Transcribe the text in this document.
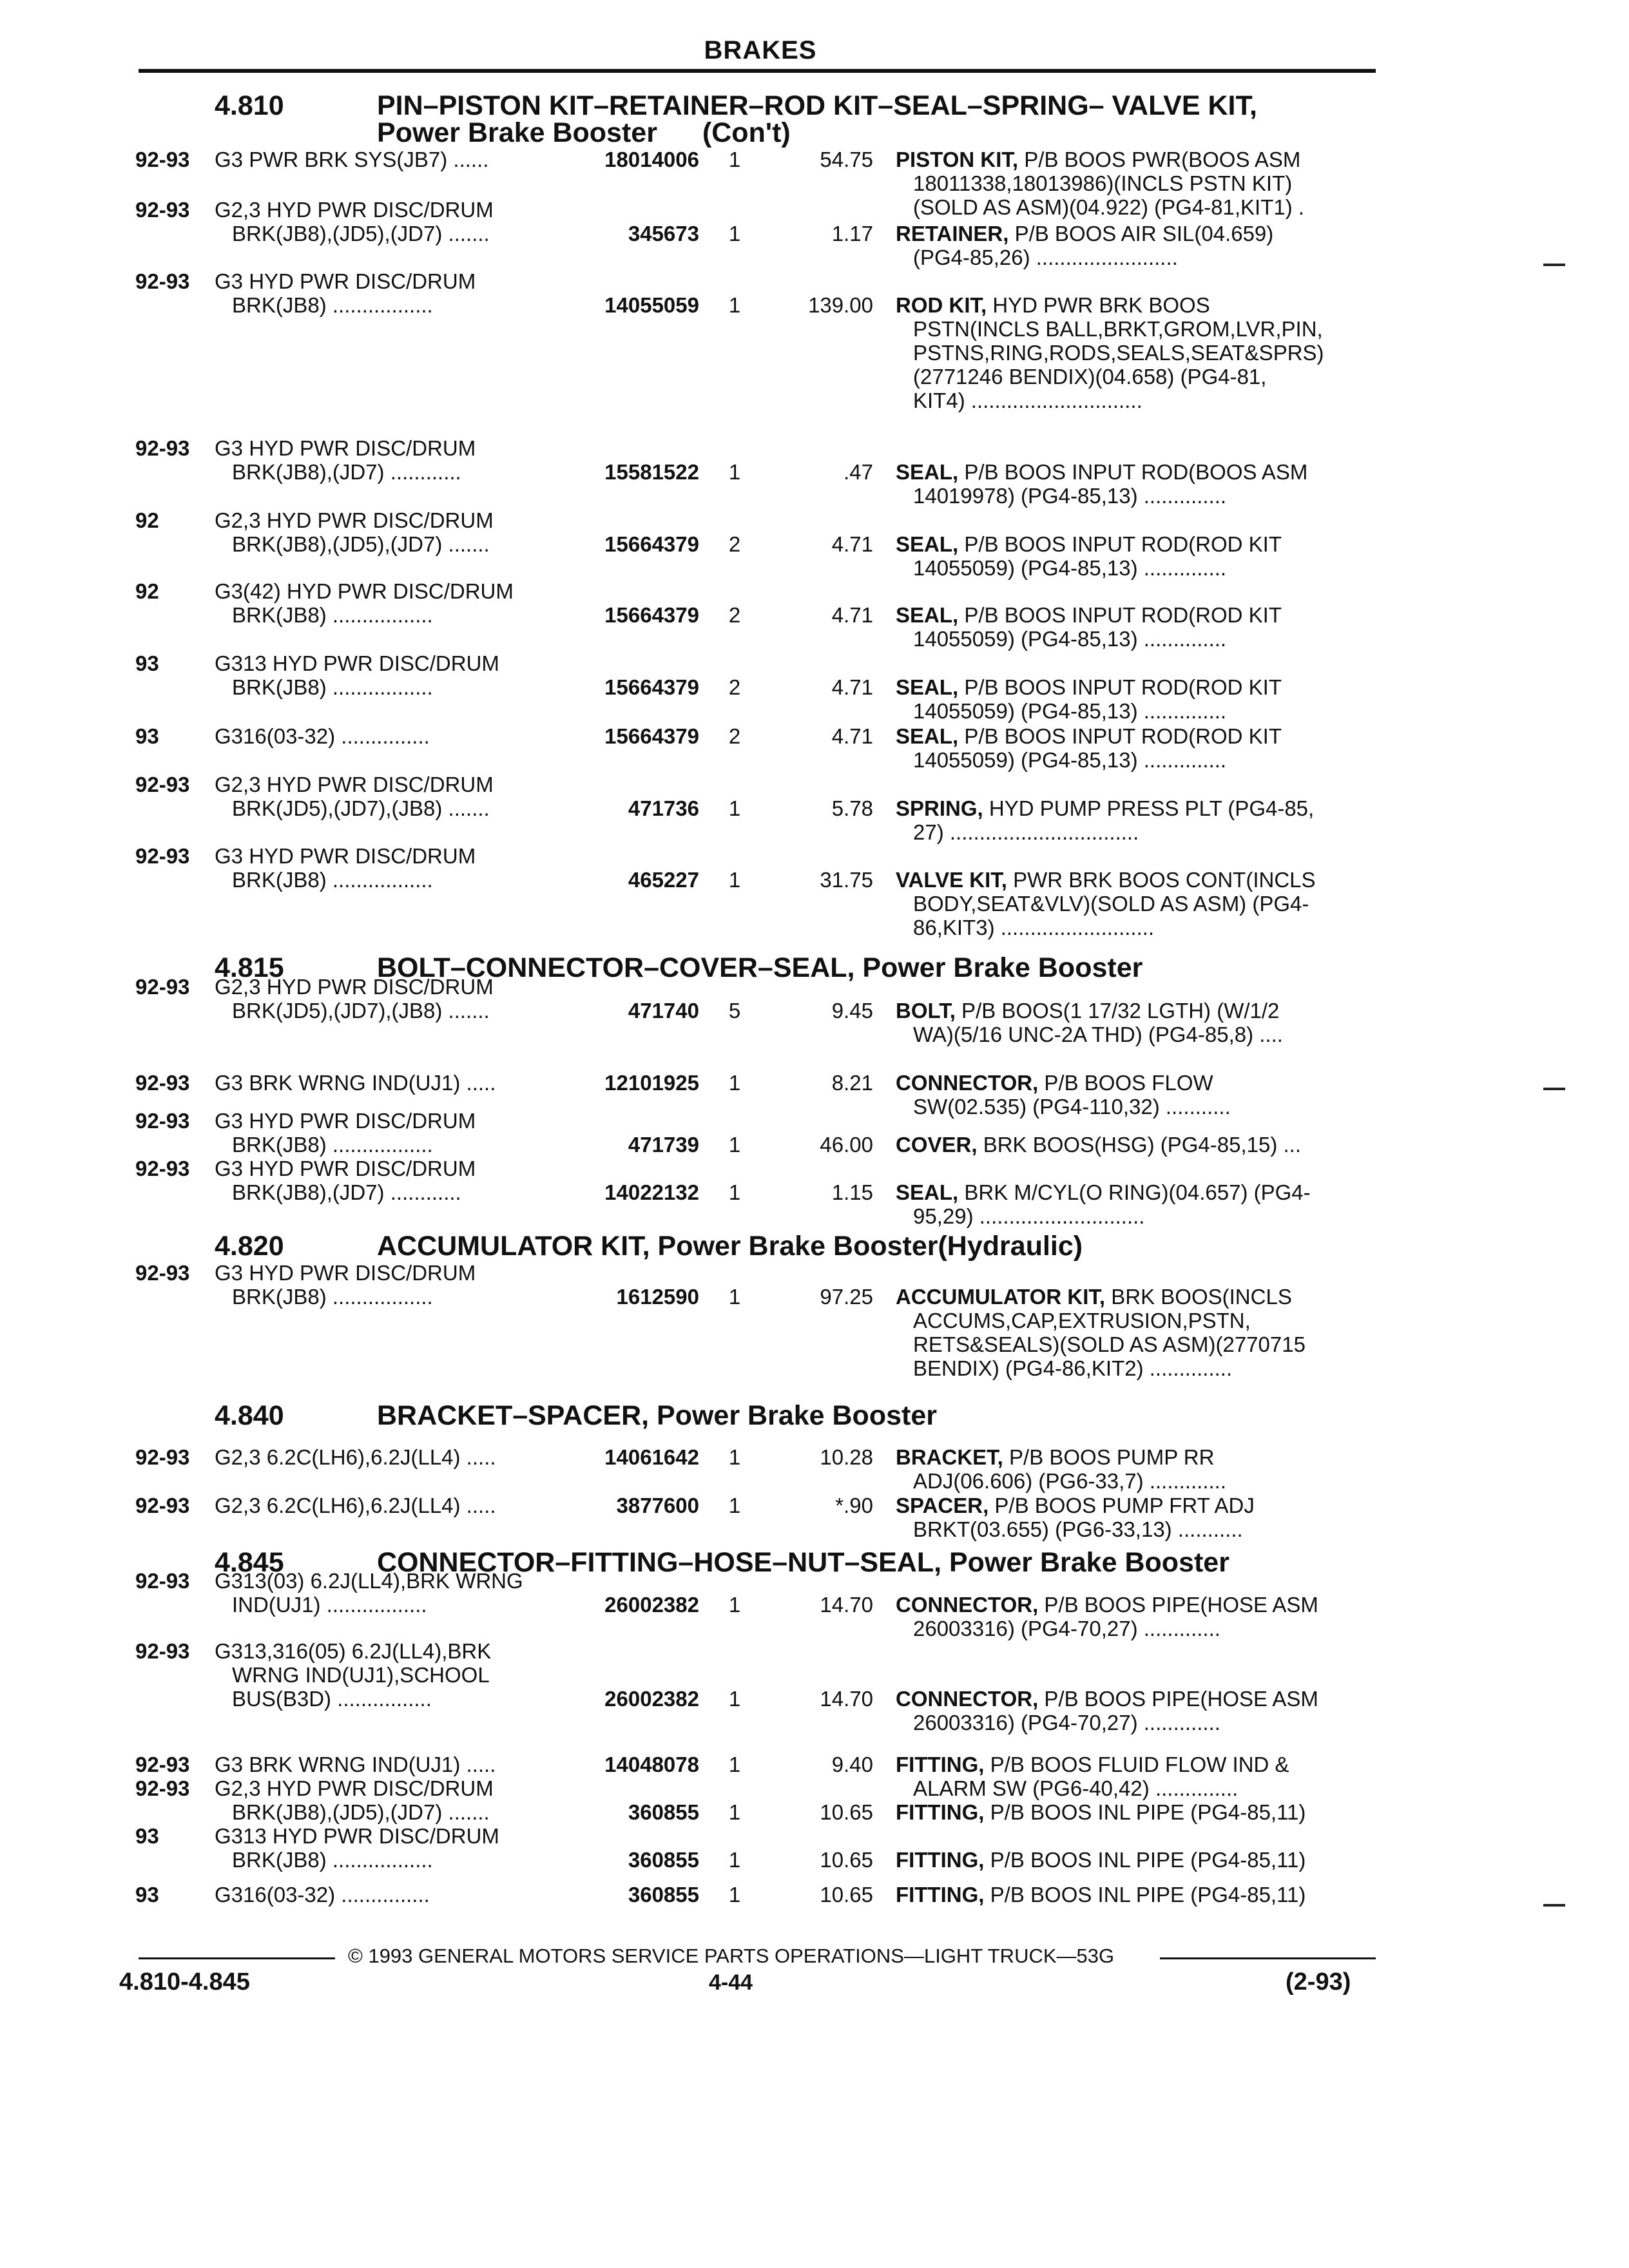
BRAKES
4.810	PIN–PISTON KIT–RETAINER–ROD KIT–SEAL–SPRING– VALVE KIT,
Power Brake Booster (Con't)
92-93 G3 PWR BRK SYS(JB7) ......	18014006	1	54.75 PISTON KIT, P/B BOOS PWR(BOOS ASM
18011338,18013986)(INCLS PSTN KIT)
(SOLD AS ASM)(04.922) (PG4-81,KIT1) .
92-93 G2,3 HYD PWR DISC/DRUM
BRK(JB8),(JD5),(JD7) .......	345673	1	1.17 RETAINER, P/B BOOS AIR SIL(04.659)
(PG4-85,26) ........................
92-93 G3 HYD PWR DISC/DRUM
BRK(JB8) .................	14055059	1	139.00 ROD KIT, HYD PWR BRK BOOS
PSTN(INCLS BALL,BRKT,GROM,LVR,PIN,
PSTNS,RING,RODS,SEALS,SEAT&SPRS)
(2771246 BENDIX)(04.658) (PG4-81,
KIT4) .............................
92-93 G3 HYD PWR DISC/DRUM
BRK(JB8),(JD7) ............	15581522	1	.47 SEAL, P/B BOOS INPUT ROD(BOOS ASM
14019978) (PG4-85,13) ..............
92	G2,3 HYD PWR DISC/DRUM
BRK(JB8),(JD5),(JD7) .......	15664379	2	4.71 SEAL, P/B BOOS INPUT ROD(ROD KIT
14055059) (PG4-85,13) ..............
92	G3(42) HYD PWR DISC/DRUM
BRK(JB8) .................	15664379	2	4.71 SEAL, P/B BOOS INPUT ROD(ROD KIT
14055059) (PG4-85,13) ..............
93	G313 HYD PWR DISC/DRUM
BRK(JB8) .................	15664379	2	4.71 SEAL, P/B BOOS INPUT ROD(ROD KIT
14055059) (PG4-85,13) ..............
93	G316(03-32) ...............	15664379	2	4.71 SEAL, P/B BOOS INPUT ROD(ROD KIT
14055059) (PG4-85,13) ..............
92-93 G2,3 HYD PWR DISC/DRUM
BRK(JD5),(JD7),(JB8) .......	471736	1	5.78 SPRING, HYD PUMP PRESS PLT (PG4-85,
27) ................................
92-93 G3 HYD PWR DISC/DRUM
BRK(JB8) .................	465227	1	31.75 VALVE KIT, PWR BRK BOOS CONT(INCLS
BODY,SEAT&VLV)(SOLD AS ASM) (PG4-
86,KIT3) ..........................
4.815	BOLT–CONNECTOR–COVER–SEAL, Power Brake Booster
92-93 G2,3 HYD PWR DISC/DRUM
BRK(JD5),(JD7),(JB8) .......	471740	5	9.45 BOLT, P/B BOOS(1 17/32 LGTH) (W/1/2
WA)(5/16 UNC-2A THD) (PG4-85,8) ....
92-93 G3 BRK WRNG IND(UJ1) .....	12101925	1	8.21 CONNECTOR, P/B BOOS FLOW
SW(02.535) (PG4-110,32) ...........
92-93 G3 HYD PWR DISC/DRUM
BRK(JB8) .................	471739	1	46.00 COVER, BRK BOOS(HSG) (PG4-85,15) ...
92-93 G3 HYD PWR DISC/DRUM
BRK(JB8),(JD7) ............	14022132	1	1.15 SEAL, BRK M/CYL(O RING)(04.657) (PG4-
95,29) ............................
4.820	ACCUMULATOR KIT, Power Brake Booster(Hydraulic)
92-93 G3 HYD PWR DISC/DRUM
BRK(JB8) .................	1612590	1	97.25 ACCUMULATOR KIT, BRK BOOS(INCLS
ACCUMS,CAP,EXTRUSION,PSTN,
RETS&SEALS)(SOLD AS ASM)(2770715
BENDIX) (PG4-86,KIT2) ..............
4.840	BRACKET–SPACER, Power Brake Booster
92-93 G2,3 6.2C(LH6),6.2J(LL4) .....	14061642	1	10.28 BRACKET, P/B BOOS PUMP RR
ADJ(06.606) (PG6-33,7) .............
92-93 G2,3 6.2C(LH6),6.2J(LL4) .....	3877600	1	*.90 SPACER, P/B BOOS PUMP FRT ADJ
BRKT(03.655) (PG6-33,13) ...........
4.845	CONNECTOR–FITTING–HOSE–NUT–SEAL, Power Brake Booster
92-93 G313(03) 6.2J(LL4),BRK WRNG
IND(UJ1) .................	26002382	1	14.70 CONNECTOR, P/B BOOS PIPE(HOSE ASM
26003316) (PG4-70,27) .............
92-93 G313,316(05) 6.2J(LL4),BRK
WRNG IND(UJ1),SCHOOL
BUS(B3D) ................	26002382	1	14.70 CONNECTOR, P/B BOOS PIPE(HOSE ASM
26003316) (PG4-70,27) .............
92-93 G3 BRK WRNG IND(UJ1) .....	14048078	1	9.40 FITTING, P/B BOOS FLUID FLOW IND &
ALARM SW (PG6-40,42) ..............
92-93 G2,3 HYD PWR DISC/DRUM
BRK(JB8),(JD5),(JD7) .......	360855	1	10.65 FITTING, P/B BOOS INL PIPE (PG4-85,11)
93	G313 HYD PWR DISC/DRUM
BRK(JB8) .................	360855	1	10.65 FITTING, P/B BOOS INL PIPE (PG4-85,11)
93	G316(03-32) ...............	360855	1	10.65 FITTING, P/B BOOS INL PIPE (PG4-85,11)
© 1993 GENERAL MOTORS SERVICE PARTS OPERATIONS—LIGHT TRUCK—53G
4.810-4.845	4-44	(2-93)
